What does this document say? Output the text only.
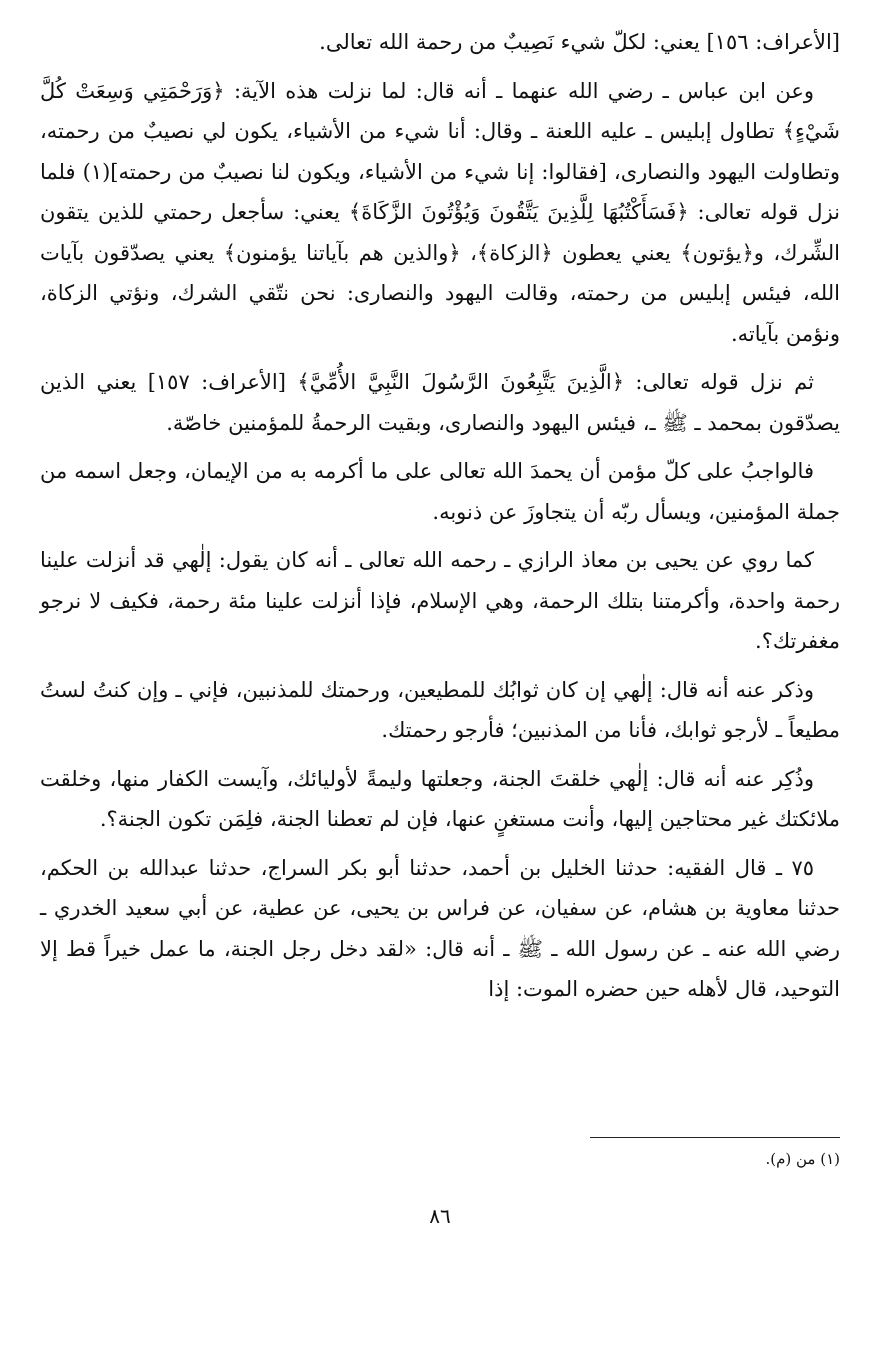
[الأعراف: ١٥٦] يعني: لكلّ شيء نَصِيبٌ من رحمة الله تعالى.

وعن ابن عباس ـ رضي الله عنهما ـ أنه قال: لما نزلت هذه الآية: ﴿وَرَحْمَتِي وَسِعَتْ كُلَّ شَيْءٍ﴾ تطاول إبليس ـ عليه اللعنة ـ وقال: أنا شيء من الأشياء، يكون لي نصيبٌ من رحمته، وتطاولت اليهود والنصارى، [فقالوا: إنا شيء من الأشياء، ويكون لنا نصيبٌ من رحمته](١) فلما نزل قوله تعالى: ﴿فَسَأَكْتُبُهَا لِلَّذِينَ يَتَّقُونَ وَيُؤْتُونَ الزَّكَاةَ﴾ يعني: سأجعل رحمتي للذين يتقون الشِّرك، و﴿يؤتون﴾ يعني يعطون ﴿الزكاة﴾، ﴿والذين هم بآياتنا يؤمنون﴾ يعني يصدّقون بآيات الله، فيئس إبليس من رحمته، وقالت اليهود والنصارى: نحن نتّقي الشرك، ونؤتي الزكاة، ونؤمن بآياته.

ثم نزل قوله تعالى: ﴿الَّذِينَ يَتَّبِعُونَ الرَّسُولَ النَّبِيَّ الأُمِّيَّ﴾ [الأعراف: ١٥٧] يعني الذين يصدّقون بمحمد ـ ﷺ ـ، فيئس اليهود والنصارى، وبقيت الرحمةُ للمؤمنين خاصّة.

فالواجبُ على كلّ مؤمن أن يحمدَ الله تعالى على ما أكرمه به من الإيمان، وجعل اسمه من جملة المؤمنين، ويسأل ربّه أن يتجاوزَ عن ذنوبه.

كما روي عن يحيى بن معاذ الرازي ـ رحمه الله تعالى ـ أنه كان يقول: إلٰهي قد أنزلت علينا رحمة واحدة، وأكرمتنا بتلك الرحمة، وهي الإسلام، فإذا أنزلت علينا مئة رحمة، فكيف لا نرجو مغفرتك؟.

وذكر عنه أنه قال: إلٰهي إن كان ثوابُك للمطيعين، ورحمتك للمذنبين، فإني ـ وإن كنتُ لستُ مطيعاً ـ لأرجو ثوابك، فأنا من المذنبين؛ فأرجو رحمتك.

وذُكِر عنه أنه قال: إلٰهي خلقتَ الجنة، وجعلتها وليمةً لأوليائك، وآيست الكفار منها، وخلقت ملائكتك غير محتاجين إليها، وأنت مستغنٍ عنها، فإن لم تعطنا الجنة، فلِمَن تكون الجنة؟.

٧٥ ـ قال الفقيه: حدثنا الخليل بن أحمد، حدثنا أبو بكر السراج، حدثنا عبدالله بن الحكم، حدثنا معاوية بن هشام، عن سفيان، عن فراس بن يحيى، عن عطية، عن أبي سعيد الخدري ـ رضي الله عنه ـ عن رسول الله ـ ﷺ ـ أنه قال: «لقد دخل رجل الجنة، ما عمل خيراً قط إلا التوحيد، قال لأهله حين حضره الموت: إذا

(١) من (م).
٨٦
